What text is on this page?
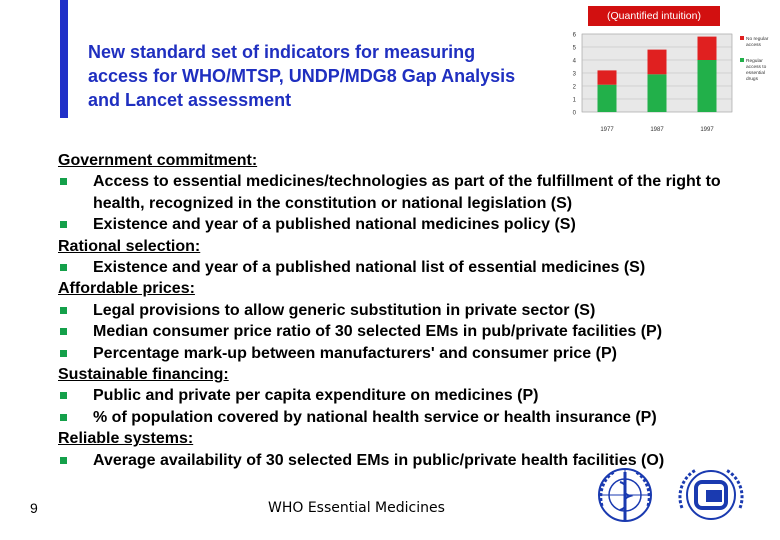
(Quantified intuition)
New standard set of indicators for measuring
access for WHO/MTSP, UNDP/MDG8 Gap Analysis
and Lancet assessment
0
1
2
3
4
5
6
1977	1987	1997
No regular
access
Regular
access to
essential
drugs
Government commitment:
Access to essential medicines/technologies as part of the fulfillment of the right to health, recognized in the constitution or national legislation (S)
Existence and year of a published national medicines policy (S)
Rational selection:
Existence and year of a published national list of essential medicines (S)
Affordable prices:
Legal provisions to allow generic substitution in private sector (S)
Median consumer price ratio of 30 selected EMs in pub/private facilities (P)
Percentage mark-up between manufacturers' and consumer price (P)
Sustainable financing:
Public and private per capita expenditure on medicines (P)
% of population covered by national health service or health insurance (P)
Reliable systems:
Average availability of 30 selected EMs in public/private health facilities (O)
9	WHO Essential Medicines
